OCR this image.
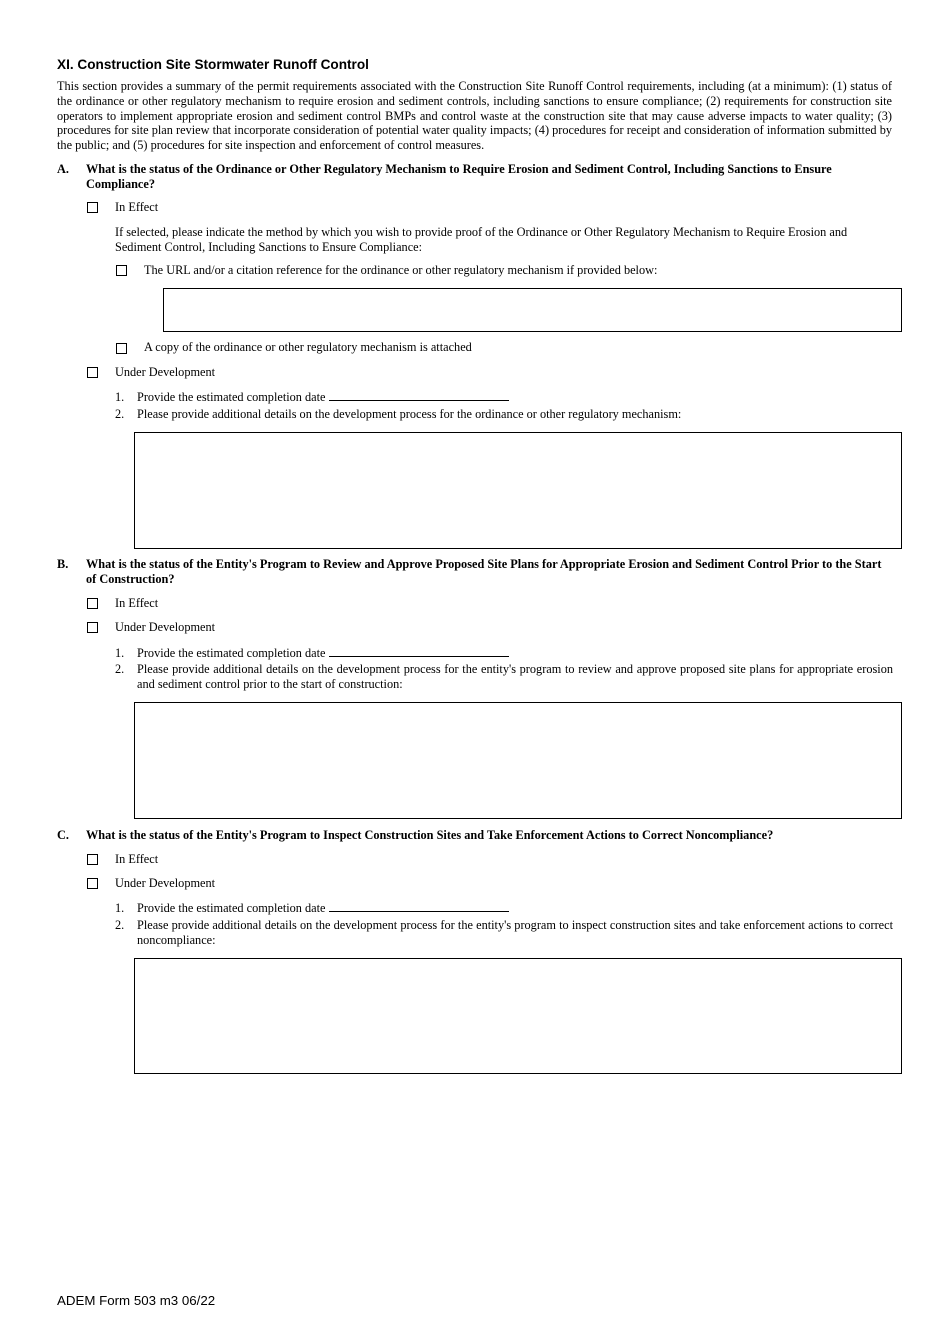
XI. Construction Site Stormwater Runoff Control
This section provides a summary of the permit requirements associated with the Construction Site Runoff Control requirements, including (at a minimum): (1) status of the ordinance or other regulatory mechanism to require erosion and sediment controls, including sanctions to ensure compliance; (2) requirements for construction site operators to implement appropriate erosion and sediment control BMPs and control waste at the construction site that may cause adverse impacts to water quality; (3) procedures for site plan review that incorporate consideration of potential water quality impacts; (4) procedures for receipt and consideration of information submitted by the public; and (5) procedures for site inspection and enforcement of control measures.
A. What is the status of the Ordinance or Other Regulatory Mechanism to Require Erosion and Sediment Control, Including Sanctions to Ensure Compliance?
In Effect
If selected, please indicate the method by which you wish to provide proof of the Ordinance or Other Regulatory Mechanism to Require Erosion and Sediment Control, Including Sanctions to Ensure Compliance:
The URL and/or a citation reference for the ordinance or other regulatory mechanism if provided below:
A copy of the ordinance or other regulatory mechanism is attached
Under Development
1. Provide the estimated completion date
2. Please provide additional details on the development process for the ordinance or other regulatory mechanism:
B. What is the status of the Entity's Program to Review and Approve Proposed Site Plans for Appropriate Erosion and Sediment Control Prior to the Start of Construction?
In Effect
Under Development
1. Provide the estimated completion date
2.	Please provide additional details on the development process for the entity's program to review and approve proposed site plans for appropriate erosion and sediment control prior to the start of construction:
C. What is the status of the Entity's Program to Inspect Construction Sites and Take Enforcement Actions to Correct Noncompliance?
In Effect
Under Development
1. Provide the estimated completion date
2.	Please provide additional details on the development process for the entity's program to inspect construction sites and take enforcement actions to correct noncompliance:
ADEM Form 503 m3 06/22
